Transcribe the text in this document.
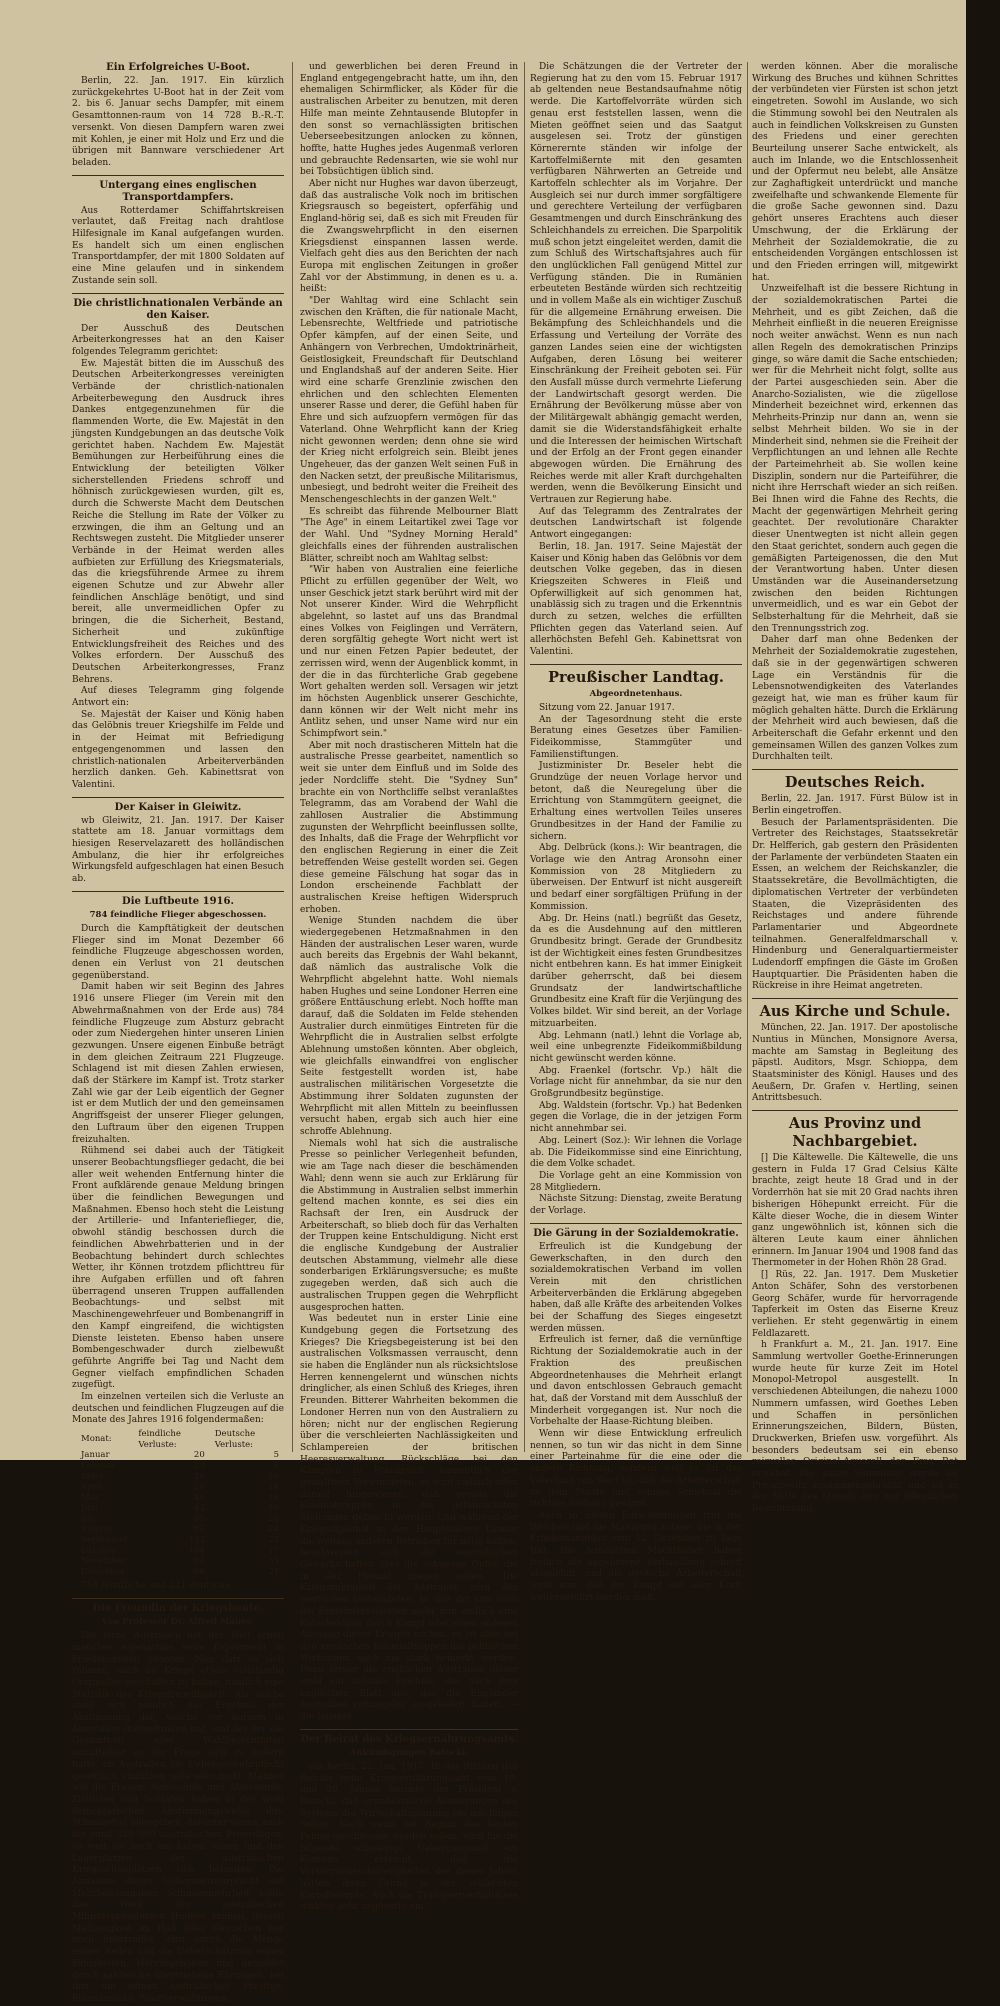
Ein Erfolgreiches U-Boot.

Berlin, 22. Jan. 1917. Ein kürzlich zurückgekehrtes U-Boot hat in der Zeit vom 2. bis 6. Januar sechs Dampfer, mit einem Gesamttonnen-raum von 14 728 B.-R.-T. versenkt. Von diesen Dampfern waren zwei mit Kohlen, je einer mit Holz und Erz und die übrigen mit Bannware verschiedener Art beladen.

Untergang eines englischen Transportdampfers.

Aus Rotterdamer Schiffahrtskreisen verlautet, daß Freitag nach drahtlose Hilfesignale im Kanal aufgefangen wurden. Es handelt sich um einen englischen Transportdampfer, der mit 1800 Soldaten auf eine Mine gelaufen und in sinkendem Zustande sein soll.

Die christlichnationalen Verbände an den Kaiser.

Der Ausschuß des Deutschen Arbeiterkongresses hat an den Kaiser folgendes Telegramm gerichtet:

Ew. Majestät bitten die im Ausschuß des Deutschen Arbeiterkongresses vereinigten Verbände der christlich-nationalen Arbeiterbewegung den Ausdruck ihres Dankes entgegenzunehmen für die flammenden Worte, die Ew. Majestät in den jüngsten Kundgebungen an das deutsche Volk gerichtet haben. Nachdem Ew. Majestät Bemühungen zur Herbeiführung eines die Entwicklung der beteiligten Völker sicherstellenden Friedens schroff und höhnisch zurückgewiesen wurden, gilt es, durch die Schwerste Macht dem Deutschen Reiche die Stellung im Rate der Völker zu erzwingen, die ihm an Geltung und an Rechtswegen zusteht. Die Mitglieder unserer Verbände in der Heimat werden alles aufbieten zur Erfüllung des Kriegsmaterials, das die kriegsführende Armee zu ihrem eigenen Schutze und zur Abwehr aller feindlichen Anschläge benötigt, und sind bereit, alle unvermeidlichen Opfer zu bringen, die die Sicherheit, Bestand, Sicherheit und zukünftige Entwicklungsfreiheit des Reiches und des Volkes erfordern. Der Ausschuß des Deutschen Arbeiterkongresses, Franz Behrens.

Auf dieses Telegramm ging folgende Antwort ein:

Se. Majestät der Kaiser und König haben das Gelöbnis treuer Kriegshilfe im Felde und in der Heimat mit Befriedigung entgegengenommen und lassen den christlich-nationalen Arbeiterverbänden herzlich danken. Geh. Kabinettsrat von Valentini.

Der Kaiser in Gleiwitz.

wb Gleiwitz, 21. Jan. 1917. Der Kaiser stattete am 18. Januar vormittags dem hiesigen Reservelazarett des holländischen Ambulanz, die hier ihr erfolgreiches Wirkungsfeld aufgeschlagen hat einen Besuch ab.

Die Luftbeute 1916.
784 feindliche Flieger abgeschossen.

Durch die Kampftätigkeit der deutschen Flieger sind im Monat Dezember 66 feindliche Flugzeuge abgeschossen worden, denen ein Verlust von 21 deutschen gegenüberstand.

Damit haben wir seit Beginn des Jahres 1916 unsere Flieger (im Verein mit den Abwehrmaßnahmen von der Erde aus) 784 feindliche Flugzeuge zum Absturz gebracht oder zum Niedergehen hinter unseren Linien gezwungen. Unsere eigenen Einbuße beträgt in dem gleichen Zeitraum 221 Flugzeuge. Schlagend ist mit diesen Zahlen erwiesen, daß der Stärkere im Kampf ist. Trotz starker Zahl wie gar der Leib eigentlich der Gegner ist er dem Mutlich der und den gemeinsamen Angriffsgeist der unserer Flieger gelungen, den Luftraum über den eigenen Truppen freizuhalten.

Rühmend sei dabei auch der Tätigkeit unserer Beobachtungsflieger gedacht, die bei aller weit wehenden Entfernung hinter die Front aufklärende genaue Meldung bringen über die feindlichen Bewegungen und Maßnahmen. Ebenso hoch steht die Leistung der Artillerie- und Infanterieflieger, die, obwohl ständig beschossen durch die feindlichen Abwehrbatterien und in der Beobachtung behindert durch schlechtes Wetter, ihr Können trotzdem pflichttreu für ihre Aufgaben erfüllen und oft fahren überragend unseren Truppen auffallenden Beobachtungs- und selbst mit Maschinengewehrfeuer und Bombenangriff in den Kampf eingreifend, die wichtigsten Dienste leisteten. Ebenso haben unsere Bombengeschwader durch zielbewußt geführte Angriffe bei Tag und Nacht dem Gegner vielfach empfindlichen Schaden zugefügt.

Im einzelnen verteilen sich die Verluste an deutschen und feindlichen Flugzeugen auf die Monate des Jahres 1916 folgendermaßen:

Monat:	feindliche Verluste:	Deutsche Verluste:
Januar	20	5
Februar	23	8
März	49	19
April	26	14
Mai	45	16
Juni	43	10
Juli	85	20
August	81	24
September	133	27
Oktober	104	17
November	94	31
Dezember	66	21
784 feindliche und 221 deutsche.
Die Freundin der Kriegsbeute.
Von Professor Dr. Alfred Manes.

Die ferne Australien hat der Welt schon manches eigenartige neue Experiment in Friedenszeiten geboten. Nun darf es sich rühmen, auch im Kriege etwas vollständig Originelles geschaffen zu haben, nämlich eine Statistik der Kriegsfreiwilligkeit. Als solche stellt sich nämlich das Ergebnis der Abstimmung dar, welche vor kurzem in Australien stattgefunden hat, und bei der die Gesamtheit aller Wahlberechtigten unmittelbar zu der Frage sich zu äußern hatte, ob Australien die Ueberseewehrpflicht gesetzlich einführen solle oder nicht. Männer wie die Frauen, Anwesende und Abwesende, Zivilisten und Soldaten haben in der wohl demokratischen Abstimmungsweise ihre Stimmzettel abgegeben, darunter waren auch die rund 320 000 australischen Freiwilligen, so weit sie noch am Leben waren und den Lagerplätzen der australischen Kriegsschauplätzen sich befanden. Die Annahme dieser Ueberseewehrpflicht mit Mehrheitsangaben Stimmenmehrheit sollte das Werk des australischen Ministerpräsidenten Hughes krönen, dessen Maßlosigkeit im Haß alles Deutschen nur noch übertroffen wird durch die Menge seiner Reden und die Ueberschätzung seiner Fähigkeiten. Hervorgehoben und gemeldet durch zahlreiche übertriebene Ehrungen, bei ihm um seinen australischen Prestige, Finanzarisiko, Stadtverwaltungen.

und gewerblichen bei deren Freund in England entgegengebracht hatte, um ihn, den ehemaligen Schirmflicker, als Köder für die australischen Arbeiter zu benutzen, mit deren Hilfe man meinte Zehntausende Blutopfer in den sonst so vernachlässigten britischen Ueberseebesitzungen anlocken zu können, hoffte, hatte Hughes jedes Augenmaß verloren und gebrauchte Redensarten, wie sie wohl nur bei Tobsüchtigen üblich sind.

Aber nicht nur Hughes war davon überzeugt, daß das australische Volk noch im britischen Kriegsrausch so begeistert, opferfähig und England-hörig sei, daß es sich mit Freuden für die Zwangswehrpflicht in den eisernen Kriegsdienst einspannen lassen werde. Vielfach geht dies aus den Berichten der nach Europa mit englischen Zeitungen in großer Zahl vor der Abstimmung, in denen es u. a. heißt:

"Der Wahltag wird eine Schlacht sein zwischen den Kräften, die für nationale Macht, Lebensrechte, Weltfriede und patriotische Opfer kämpfen, auf der einen Seite, und Anhängern von Verbrechen, Umdoktrinärheit, Geistlosigkeit, Freundschaft für Deutschland und Englandshaß auf der anderen Seite. Hier wird eine scharfe Grenzlinie zwischen den ehrlichen und den schlechten Elementen unserer Rasse und derer, die Gefühl haben für Ehre und sich aufzuopfern vermögen für das Vaterland. Ohne Wehrpflicht kann der Krieg nicht gewonnen werden; denn ohne sie wird der Krieg nicht erfolgreich sein. Bleibt jenes Ungeheuer, das der ganzen Welt seinen Fuß in den Nacken setzt, der preußische Militarismus, unbesiegt, und bedroht weiter die Freiheit des Menschengeschlechts in der ganzen Welt."

Es schreibt das führende Melbourner Blatt "The Age" in einem Leitartikel zwei Tage vor der Wahl. Und "Sydney Morning Herald" gleichfalls eines der führenden australischen Blätter, schreibt noch am Wahltag selbst:

"Wir haben von Australien eine feierliche Pflicht zu erfüllen gegenüber der Welt, wo unser Geschick jetzt stark berührt wird mit der Not unserer Kinder. Wird die Wehrpflicht abgelehnt, so lastet auf uns das Brandmal eines Volkes von Feiglingen und Verrätern, deren sorgfältig gehegte Wort nicht wert ist und nur einen Fetzen Papier bedeutet, der zerrissen wird, wenn der Augenblick kommt, in der die in das fürchterliche Grab gegebene Wort gehalten werden soll. Versagen wir jetzt im höchsten Augenblick unserer Geschichte, dann können wir der Welt nicht mehr ins Antlitz sehen, und unser Name wird nur ein Schimpfwort sein."

Aber mit noch drastischeren Mitteln hat die australische Presse gearbeitet, namentlich so weit sie unter dem Einfluß und im Solde des jeder Nordcliffe steht. Die "Sydney Sun" brachte ein von Northcliffe selbst veranlaßtes Telegramm, das am Vorabend der Wahl die zahllosen Australier die Abstimmung zugunsten der Wehrpflicht beeinflussen sollte, des Inhalts, daß die Frage der Wehrpflicht vor den englischen Regierung in einer die Zeit betreffenden Weise gestellt worden sei. Gegen diese gemeine Fälschung hat sogar das in London erscheinende Fachblatt der australischen Kreise heftigen Widerspruch erhoben.

Wenige Stunden nachdem die über wiedergegebenen Hetzmaßnahmen in den Händen der australischen Leser waren, wurde auch bereits das Ergebnis der Wahl bekannt, daß nämlich das australische Volk die Wehrpflicht abgelehnt hatte. Wohl niemals haben Hughes und seine Londoner Herren eine größere Enttäuschung erlebt. Noch hoffte man darauf, daß die Soldaten im Felde stehenden Australier durch einmütiges Eintreten für die Wehrpflicht die in Australien selbst erfolgte Ablehnung umstoßen könnten. Aber obgleich, wie gleichfalls einwandfrei von englischer Seite festgestellt worden ist, habe australischen militärischen Vorgesetzte die Abstimmung ihrer Soldaten zugunsten der Wehrpflicht mit allen Mitteln zu beeinflussen versucht haben, ergab sich auch hier eine schroffe Ablehnung.

Niemals wohl hat sich die australische Presse so peinlicher Verlegenheit befunden, wie am Tage nach dieser die beschämenden Wahl; denn wenn sie auch zur Erklärung für die Abstimmung in Australien selbst immerhin geltend machen konnte, es sei dies ein Rachsaft der Iren, ein Ausdruck der Arbeiterschaft, so blieb doch für das Verhalten der Truppen keine Entschuldigung. Nicht erst die englische Kundgebung der Australier deutschen Abstammung, vielmehr alle diese sonderbarigen Erklärungsversuche; es mußte zugegeben werden, daß sich auch die australischen Truppen gegen die Wehrpflicht ausgesprochen hatten.

Was bedeutet nun in erster Linie eine Kundgebung gegen die Fortsetzung des Krieges? Die Kriegsbegeisterung ist bei den australischen Volksmassen verrauscht, denn sie haben die Engländer nun als rücksichtslose Herren kennengelernt und wünschen nichts dringlicher, als einen Schluß des Krieges, ihren Freunden. Bitterer Wahrheiten bekommen die Londoner Herren nun von den Australiern zu hören; nicht nur der englischen Regierung über die verschleierten Nachlässigkeiten und Schlampereien der britischen Heeresverwaltung, Rückschläge bei den Kämpfen in Frankreich, namentlich der gewaltigen Verwundeten; es wird vielfach offen darauf hingewiesen, daß gerade die Kolonialtruppen in die gefährlichsten Stellungen gebracht worden. Und während der Kriegsdiplomat in den Hauptstädten Länder die weitaus anderen Betrieben für nötig halten, beschwerten sich die australischen Gewerkschaften über die schweren Opfer, die in der Heimat tragen sollen. Die Kriegsmüdigkeit der Australier wird den wertvollen Verbündeten, so daß ihr nun auch die Ernteinteressierten mehr nun endlich eine Entscheidung durch Kampf oder einen anderen Ausgang dieses Krieges suchen, es ist aber bei den englischen Kolonialtruppen die politischen Wirkungen noch nie stark bemerkt worden. Denn ferner die englischen Australien dieser wohl ein schönes Erlebnis, das nach dem englischen Blatt aus, das die Engländer Australien rettungslos ausgeliefert haben, — die Japaner.

Der Beirat des Kriegsernährungsamts.
Ankündigungen Batocki.

wb Berlin, 22. Jan. 1917. In der Sitzung des Beirats beim Kriegsernährungsamt vom 19. und 20. Januar betonte der Präsident v. Batocki, daß grundsätzliche Aenderungen des Systems der Wirtschaftsplanung bei mächtigen Sollen. Nach wenn der Beginn des besten Feldes geschlossen werden sollen, wird für die folgende schwierige Uebergangszeit ein Konsens erreicht, daß die Versorgungsschwierigkeiten des dieses Jahres hätten ihren Grund in der schlechten Kartoffelernte. Auch die Transportverhältnisse wirkten sehr ungünstig ein.

Die Schätzungen die der Vertreter der Regierung hat zu den vom 15. Februar 1917 ab geltenden neue Bestandsaufnahme nötig werde. Die Kartoffelvorräte würden sich genau erst feststellen lassen, wenn die Mieten geöffnet seien und das Saatgut ausgelesen sei. Trotz der günstigen Körnerernte ständen wir infolge der Kartoffelmißernte mit den gesamten verfügbaren Nährwerten an Getreide und Kartoffeln schlechter als im Vorjahre. Der Ausgleich sei nur durch immer sorgfältigere und gerechtere Verteilung der verfügbaren Gesamtmengen und durch Einschränkung des Schleichhandels zu erreichen. Die Sparpolitik muß schon jetzt eingeleitet werden, damit die zum Schluß des Wirtschaftsjahres auch für den unglücklichen Fall genügend Mittel zur Verfügung ständen. Die in Rumänien erbeuteten Bestände würden sich rechtzeitig und in vollem Maße als ein wichtiger Zuschuß für die allgemeine Ernährung erweisen. Die Bekämpfung des Schleichhandels und die Erfassung und Verteilung der Vorräte des ganzen Landes seien eine der wichtigsten Aufgaben, deren Lösung bei weiterer Einschränkung der Freiheit geboten sei. Für den Ausfall müsse durch vermehrte Lieferung der Landwirtschaft gesorgt werden. Die Ernährung der Bevölkerung müsse aber von der Militärgewalt abhängig gemacht werden, damit sie die Widerstandsfähigkeit erhalte und die Interessen der heimischen Wirtschaft und der Erfolg an der Front gegen einander abgewogen würden. Die Ernährung des Reiches werde mit aller Kraft durchgehalten werden, wenn die Bevölkerung Einsicht und Vertrauen zur Regierung habe.

Auf das Telegramm des Zentralrates der deutschen Landwirtschaft ist folgende Antwort eingegangen:

Berlin, 18. Jan. 1917. Seine Majestät der Kaiser und König haben das Gelöbnis vor dem deutschen Volke gegeben, das in diesen Kriegszeiten Schweres in Fleiß und Opferwilligkeit auf sich genommen hat, unablässig sich zu tragen und die Erkenntnis durch zu setzen, welches die erfüllten Pflichten gegen das Vaterland seien. Auf allerhöchsten Befehl Geh. Kabinettsrat von Valentini.

Preußischer Landtag.
Abgeordnetenhaus.

Sitzung vom 22. Januar 1917.

An der Tagesordnung steht die erste Beratung eines Gesetzes über Familien-Fideikommisse, Stammgüter und Familienstiftungen.

Justizminister Dr. Beseler hebt die Grundzüge der neuen Vorlage hervor und betont, daß die Neuregelung über die Errichtung von Stammgütern geeignet, die Erhaltung eines wertvollen Teiles unseres Grundbesitzes in der Hand der Familie zu sichern.

Abg. Delbrück (kons.): Wir beantragen, die Vorlage wie den Antrag Aronsohn einer Kommission von 28 Mitgliedern zu überweisen. Der Entwurf ist nicht ausgereift und bedarf einer sorgfältigen Prüfung in der Kommission.

Abg. Dr. Heins (natl.) begrüßt das Gesetz, da es die Ausdehnung auf den mittleren Grundbesitz bringt. Gerade der Grundbesitz ist der Wichtigkeit eines festen Grundbesitzes nicht entbehren kann. Es hat immer Einigkeit darüber geherrscht, daß bei diesem Grundsatz der landwirtschaftliche Grundbesitz eine Kraft für die Verjüngung des Volkes bildet. Wir sind bereit, an der Vorlage mitzuarbeiten.

Abg. Lehmann (natl.) lehnt die Vorlage ab, weil eine unbegrenzte Fideikommißbildung nicht gewünscht werden könne.

Abg. Fraenkel (fortschr. Vp.) hält die Vorlage nicht für annehmbar, da sie nur den Großgrundbesitz begünstige.

Abg. Waldstein (fortschr. Vp.) hat Bedenken gegen die Vorlage, die in der jetzigen Form nicht annehmbar sei.

Abg. Leinert (Soz.): Wir lehnen die Vorlage ab. Die Fideikommisse sind eine Einrichtung, die dem Volke schadet.

Die Vorlage geht an eine Kommission von 28 Mitgliedern.

Nächste Sitzung: Dienstag, zweite Beratung der Vorlage.

Die Gärung in der Sozialdemokratie.

Erfreulich ist die Kundgebung der Gewerkschaften, in den durch den sozialdemokratischen Verband im vollen Verein mit den christlichen Arbeiterverbänden die Erklärung abgegeben haben, daß alle Kräfte des arbeitenden Volkes bei der Schaffung des Sieges eingesetzt werden müssen.

Erfreulich ist ferner, daß die vernünftige Richtung der Sozialdemokratie auch in der Fraktion des preußischen Abgeordnetenhauses die Mehrheit erlangt und davon entschlossen Gebrauch gemacht hat, daß der Vorstand mit dem Ausschluß der Minderheit vorgegangen ist. Nur noch die Vorbehalte der Haase-Richtung bleiben.

Wenn wir diese Entwicklung erfreulich nennen, so tun wir das nicht in dem Sinne einer Parteinahme für die eine oder die andere Richtung, sondern weil es für das Vaterland von Wert ist, daß die Arbeiterschaft zu dem Staate und seinem Schicksal die richtige Stellung gewinnt.

Auch in diesen Entscheidungen tritt die Weisheit und die Mäßigung zutage, die in der Friedensangebot vom 12. Dezember zu Tage trat. Die feindlichen Machthaber haben freilich die angebotene Verhandlung schroff abgelehnt, und die deutsche Arbeiterschaft weiß nun, daß der Kampf mit aller Kraft weitergeführt werden muß.

werden können. Aber die moralische Wirkung des Bruches und kühnen Schrittes der verbündeten vier Fürsten ist schon jetzt eingetreten. Sowohl im Auslande, wo sich die Stimmung sowohl bei den Neutralen als auch in feindlichen Volkskreisen zu Gunsten des Friedens und einer gerechten Beurteilung unserer Sache entwickelt, als auch im Inlande, wo die Entschlossenheit und der Opfermut neu belebt, alle Ansätze zur Zaghaftigkeit unterdrückt und manche zweifelhafte und schwankende Elemente für die große Sache gewonnen sind. Dazu gehört unseres Erachtens auch dieser Umschwung, der die Erklärung der Mehrheit der Sozialdemokratie, die zu entscheidenden Vorgängen entschlossen ist und den Frieden erringen will, mitgewirkt hat.

Unzweifelhaft ist die bessere Richtung in der sozialdemokratischen Partei die Mehrheit, und es gibt Zeichen, daß die Mehrheit einfließt in die neueren Ereignisse noch weiter anwächst. Wenn es nun nach allen Regeln des demokratischen Prinzips ginge, so wäre damit die Sache entschieden; wer für die Mehrheit nicht folgt, sollte aus der Partei ausgeschieden sein. Aber die Anarcho-Sozialisten, wie die zügellose Minderheit bezeichnet wird, erkennen das Mehrheits-Prinzip nur dann an, wenn sie selbst Mehrheit bilden. Wo sie in der Minderheit sind, nehmen sie die Freiheit der Verpflichtungen an und lehnen alle Rechte der Parteimehrheit ab. Sie wollen keine Disziplin, sondern nur die Parteiführer, die nicht ihre Herrschaft wieder an sich reißen. Bei Ihnen wird die Fahne des Rechts, die Macht der gegenwärtigen Mehrheit gering geachtet. Der revolutionäre Charakter dieser Unentwegten ist nicht allein gegen den Staat gerichtet, sondern auch gegen die gemäßigten Parteigenossen, die den Mut der Verantwortung haben. Unter diesen Umständen war die Auseinandersetzung zwischen den beiden Richtungen unvermeidlich, und es war ein Gebot der Selbsterhaltung für die Mehrheit, daß sie den Trennungsstrich zog.

Daher darf man ohne Bedenken der Mehrheit der Sozialdemokratie zugestehen, daß sie in der gegenwärtigen schweren Lage ein Verständnis für die Lebensnotwendigkeiten des Vaterlandes gezeigt hat, wie man es früher kaum für möglich gehalten hätte. Durch die Erklärung der Mehrheit wird auch bewiesen, daß die Arbeiterschaft die Gefahr erkennt und den gemeinsamen Willen des ganzen Volkes zum Durchhalten teilt.

Deutsches Reich.

Berlin, 22. Jan. 1917. Fürst Bülow ist in Berlin eingetroffen.

Besuch der Parlamentspräsidenten. Die Vertreter des Reichstages, Staatssekretär Dr. Helfferich, gab gestern den Präsidenten der Parlamente der verbündeten Staaten ein Essen, an welchem der Reichskanzler, die Staatssekretäre, die Bevollmächtigten, die diplomatischen Vertreter der verbündeten Staaten, die Vizepräsidenten des Reichstages und andere führende Parlamentarier und Abgeordnete teilnahmen. Generalfeldmarschall v. Hindenburg und Generalquartiermeister Ludendorff empfingen die Gäste im Großen Hauptquartier. Die Präsidenten haben die Rückreise in ihre Heimat angetreten.

Aus Kirche und Schule.

München, 22. Jan. 1917. Der apostolische Nuntius in München, Monsignore Aversa, machte am Samstag in Begleitung des päpstl. Auditors, Msgr. Schioppa, dem Staatsminister des Königl. Hauses und des Aeußern, Dr. Grafen v. Hertling, seinen Antrittsbesuch.

Aus Provinz und Nachbargebiet.

[] Die Kältewelle. Die Kältewelle, die uns gestern in Fulda 17 Grad Celsius Kälte brachte, zeigt heute 18 Grad und in der Vorderrhön hat sie mit 20 Grad nachts ihren bisherigen Höhepunkt erreicht. Für die Kälte dieser Woche, die in diesem Winter ganz ungewöhnlich ist, können sich die älteren Leute kaum einer ähnlichen erinnern. Im Januar 1904 und 1908 fand das Thermometer in der Hohen Rhön 28 Grad.

[] Rüs, 22. Jan. 1917. Dem Musketier Anton Schäfer, Sohn des verstorbenen Georg Schäfer, wurde für hervorragende Tapferkeit im Osten das Eiserne Kreuz verliehen. Er steht gegenwärtig in einem Feldlazarett.

h Frankfurt a. M., 21. Jan. 1917. Eine Sammlung wertvoller Goethe-Erinnerungen wurde heute für kurze Zeit im Hotel Monopol-Metropol ausgestellt. In verschiedenen Abteilungen, die nahezu 1000 Nummern umfassen, wird Goethes Leben und Schaffen in persönlichen Erinnerungszeichen, Bildern, Büsten, Druckwerken, Briefen usw. vorgeführt. Als besonders bedeutsam sei ein ebenso reizvolles Original-Aquarell der Frau Rat erwähnt. Die ganze Sammlung wurde als Privatbesitz zusammengebracht und ist in der Mitte des Monats hier zur öffentlichen Besichtigung.
